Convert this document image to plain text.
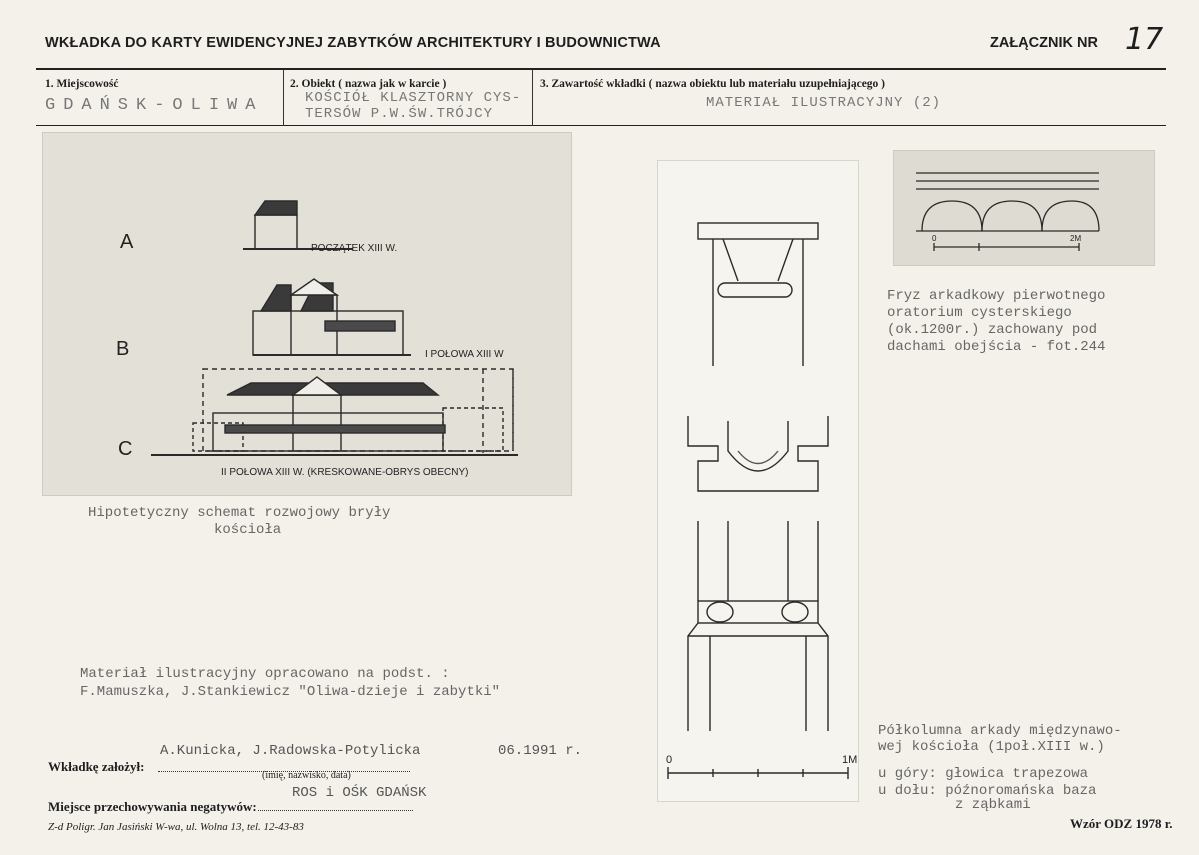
WKŁADKA DO KARTY EWIDENCYJNEJ ZABYTKÓW ARCHITEKTURY I BUDOWNICTWA	ZAŁĄCZNIK NR 17
1. Miejscowość
GDAŃSK-OLIWA
2. Obiekt ( nazwa jak w karcie )
KOŚCIÓŁ KLASZTORNY CYS-
TERSÓW P.W.ŚW.TRÓJCY
3. Zawartość wkładki ( nazwa obiektu lub materiału uzupełniającego )
MATERIAŁ ILUSTRACYJNY (2)
A
B
C
POCZĄTEK XIII W.
I POŁOWA XIII W
II POŁOWA XIII W. (KRESKOWANE-OBRYS OBECNY)
Hipotetyczny schemat rozwojowy bryły
kościoła
0	1M
0	2M
Fryz arkadkowy pierwotnego
oratorium cysterskiego
(ok.1200r.) zachowany pod
dachami obejścia - fot.244
Półkolumna arkady międzynawo-
wej kościoła (1poł.XIII w.)
u góry: głowica trapezowa
u dołu: późnoromańska baza
z ząbkami
Materiał ilustracyjny opracowano na podst. :
F.Mamuszka, J.Stankiewicz "Oliwa-dzieje i zabytki"
Wkładkę założył:
A.Kunicka, J.Radowska-Potylicka	06.1991 r.
(imię, nazwisko, data)
Miejsce przechowywania negatywów:
ROS i OŚK GDAŃSK
Z-d Poligr. Jan Jasiński W-wa, ul. Wolna 13, tel. 12-43-83	Wzór ODZ 1978 r.
